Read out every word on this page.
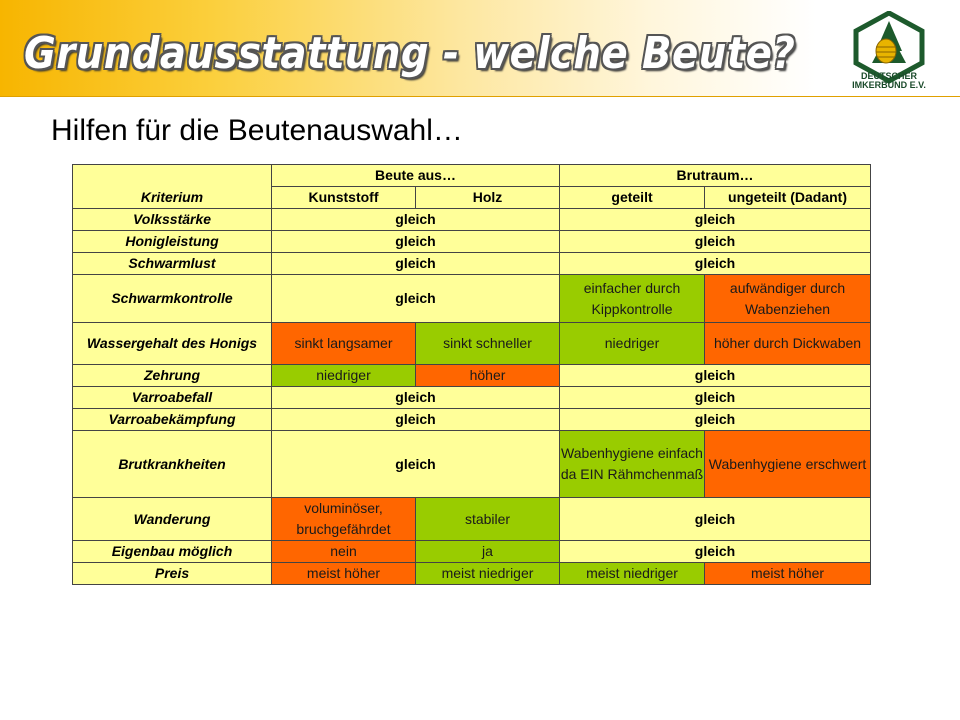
Grundausstattung - welche Beute?	DEUTSCHER
IMKERBUND E.V.
Hilfen für die Beutenauswahl…
Kriterium	Beute aus…		Brutraum…	
	Kunststoff	Holz	geteilt	ungeteilt (Dadant)
Volksstärke	gleich		gleich	
Honigleistung	gleich		gleich	
Schwarmlust	gleich		gleich	
Schwarmkontrolle	gleich		einfacher durch Kippkontrolle	aufwändiger durch Wabenziehen
Wassergehalt des Honigs	sinkt langsamer	sinkt schneller	niedriger	höher durch Dickwaben
Zehrung	niedriger	höher	gleich	
Varroabefall	gleich		gleich	
Varroabekämpfung	gleich		gleich	
Brutkrankheiten	gleich		Wabenhygiene einfach da EIN Rähmchenmaß	Wabenhygiene erschwert
Wanderung	voluminöser, bruchgefährdet	stabiler	gleich	
Eigenbau möglich	nein	ja	gleich	
Preis	meist höher	meist niedriger	meist niedriger	meist höher
